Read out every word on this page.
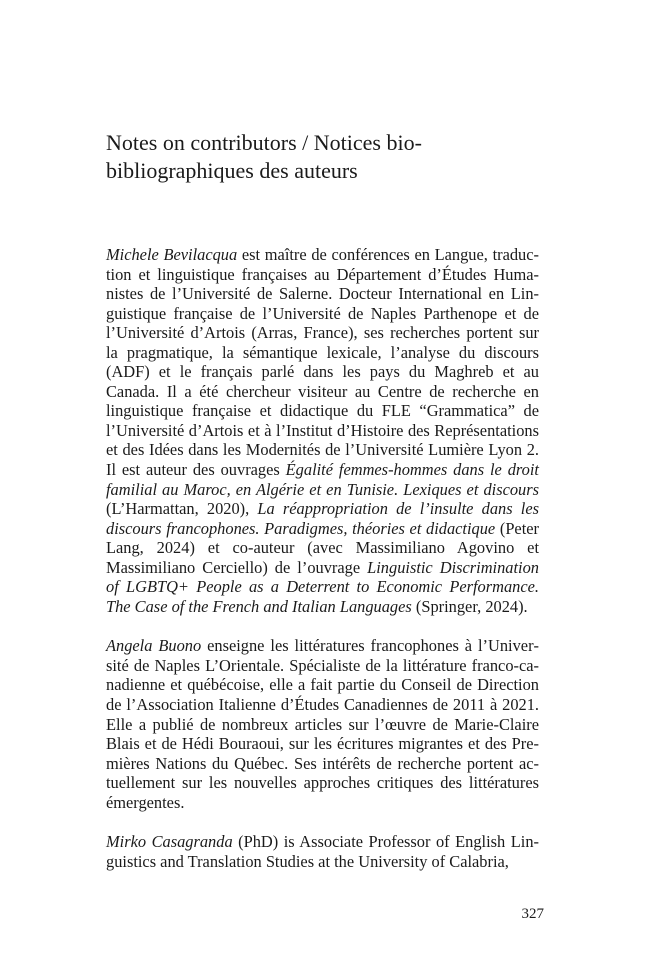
Notes on contributors / Notices bio-
bibliographiques des auteurs

Michele Bevilacqua est maître de conférences en Langue, traduction et linguistique françaises au Département d’Études Humanistes de l’Université de Salerne. Docteur International en Linguistique française de l’Université de Naples Parthenope et de l’Université d’Artois (Arras, France), ses recherches portent sur la pragmatique, la sémantique lexicale, l’analyse du discours (ADF) et le français parlé dans les pays du Maghreb et au Canada. Il a été chercheur visiteur au Centre de recherche en linguistique française et didactique du FLE “Grammatica” de l’Université d’Artois et à l’Institut d’Histoire des Représentations et des Idées dans les Modernités de l’Université Lumière Lyon 2. Il est auteur des ouvrages Égalité femmes-hommes dans le droit familial au Maroc, en Algérie et en Tunisie. Lexiques et discours (L’Harmattan, 2020), La réappropriation de l’insulte dans les discours francophones. Paradigmes, théories et didactique (Peter Lang, 2024) et co-auteur (avec Massimiliano Agovino et Massimiliano Cerciello) de l’ouvrage Linguistic Discrimination of LGBTQ+ People as a Deterrent to Economic Performance. The Case of the French and Italian Languages (Springer, 2024).

Angela Buono enseigne les littératures francophones à l’Université de Naples L’Orientale. Spécialiste de la littérature franco-canadienne et québécoise, elle a fait partie du Conseil de Direction de l’Association Italienne d’Études Canadiennes de 2011 à 2021. Elle a publié de nombreux articles sur l’œuvre de Marie-Claire Blais et de Hédi Bouraoui, sur les écritures migrantes et des Premières Nations du Québec. Ses intérêts de recherche portent actuellement sur les nouvelles approches critiques des littératures émergentes.

Mirko Casagranda (PhD) is Associate Professor of English Linguistics and Translation Studies at the University of Calabria,

327
